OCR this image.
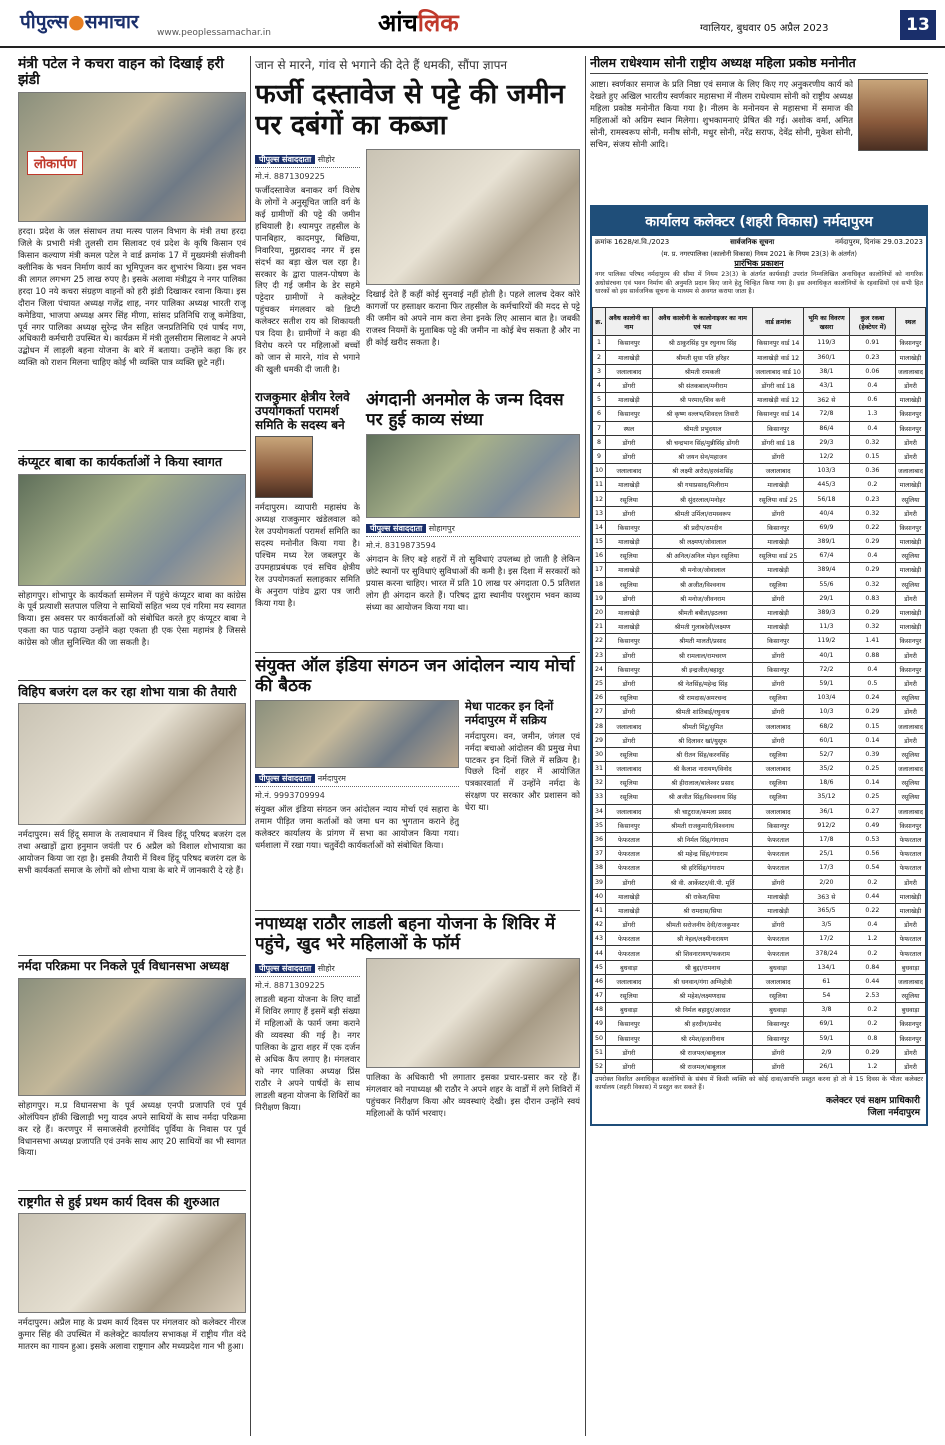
पीपुल्स●समाचार www.peoplessamachar.in	आंचलिक	ग्वालियर, बुधवार 05 अप्रैल 2023	13
मंत्री पटेल ने कचरा वाहन को दिखाई हरी झंडी
लोकार्पण
हरदा। प्रदेश के जल संसाधन तथा मत्स्य पालन विभाग के मंत्री तथा हरदा जिले के प्रभारी मंत्री तुलसी राम सिलावट एवं प्रदेश के कृषि किसान एवं किसान कल्याण मंत्री कमल पटेल ने वार्ड क्रमांक 17 में मुख्यमंत्री संजीवनी क्लीनिक के भवन निर्माण कार्य का भूमिपूजन कर शुभारंभ किया। इस भवन की लागत लगभग 25 लाख रुपए है। इसके अलावा मंत्रीद्वय ने नगर पालिका हरदा 10 नये कचरा संग्रहण वाहनों को हरी झंडी दिखाकर रवाना किया। इस दौरान जिला पंचायत अध्यक्ष गजेंद्र शाह, नगर पालिका अध्यक्ष भारती राजू कमेडिया, भाजपा अध्यक्ष अमर सिंह मीणा, सांसद प्रतिनिधि राजू कमेडिया, पूर्व नगर पालिका अध्यक्ष सुरेन्द्र जैन सहित जनप्रतिनिधि एवं पार्षद गण, अधिकारी कर्मचारी उपस्थित थे। कार्यक्रम में मंत्री तुलसीराम सिलावट ने अपने उद्बोधन में लाड़ली बहना योजना के बारे में बताया। उन्होंने कहा कि हर व्यक्ति को राशन मिलना चाहिए कोई भी व्यक्ति पात्र व्यक्ति छूटे नहीं।
कंप्यूटर बाबा का कार्यकर्ताओं ने किया स्वागत
सोहागपुर। शोभापुर के कार्यकर्ता सम्मेलन में पहुंचे कंप्यूटर बाबा का कांग्रेस के पूर्व प्रत्याशी सतपाल पलिया ने साथियों सहित भव्य एवं गरिमा मय स्वागत किया। इस अवसर पर कार्यकर्ताओं को संबोधित करते हुए कंप्यूटर बाबा ने एकता का पाठ पढ़ाया उन्होंने कहा एकता ही एक ऐसा महामंत्र है जिससे कांग्रेस को जीत सुनिश्चित की जा सकती है।
विहिप बजरंग दल कर रहा शोभा यात्रा की तैयारी
नर्मदापुरम। सर्व हिंदू समाज के तत्वावधान में विश्व हिंदू परिषद बजरंग दल तथा अखाड़ों द्वारा हनुमान जयंती पर 6 अप्रैल को विशाल शोभायात्रा का आयोजन किया जा रहा है। इसकी तैयारी में विश्व हिंदू परिषद बजरंग दल के सभी कार्यकर्ता समाज के लोगों को शोभा यात्रा के बारे में जानकारी दे रहे हैं।
नर्मदा परिक्रमा पर निकले पूर्व विधानसभा अध्यक्ष
सोहागपुर। म.प्र विधानसभा के पूर्व अध्यक्ष एनपी प्रजापति एवं पूर्व ओलंपियन हॉकी खिलाड़ी भगु यादव अपने साथियों के साथ नर्मदा परिक्रमा कर रहे हैं। करणपुर में समाजसेवी हरगोविंद पूर्विया के निवास पर पूर्व विधानसभा अध्यक्ष प्रजापति एवं उनके साथ आए 20 साथियों का भी स्वागत किया।
राष्ट्रगीत से हुई प्रथम कार्य दिवस की शुरुआत
नर्मदापुरम। अप्रैल माह के प्रथम कार्य दिवस पर मंगलवार को कलेक्टर नीरज कुमार सिंह की उपस्थित में कलेक्ट्रेट कार्यालय सभाकक्ष में राष्ट्रीय गीत वंदे मातरम का गायन हुआ। इसके अलावा राष्ट्रगान और मध्यप्रदेश गान भी हुआ।
जान से मारने, गांव से भगाने की देते हैं धमकी, सौंपा ज्ञापन
फर्जी दस्तावेज से पट्टे की जमीन पर दबंगों का कब्जा
पीपुल्स संवाददाता सीहोर
मो.नं. 8871309225
फर्जीदस्तावेज बनाकर वर्ग विशेष के लोगों ने अनुसूचित जाति वर्ग के कई ग्रामीणों की पट्टे की जमीन हथियाली है। श्यामपुर तहसील के पानबिहार, कादमपुर, बिछिया, निवारिया, मुझरावद नगर में इस संदर्भ का बड़ा खेल चल रहा है। सरकार के द्वारा पालन-पोषण के लिए दी गई जमीन के डेर सहमे पट्टेदार ग्रामीणों ने कलेक्ट्रेट पहुंचकर मंगलवार को डिप्टी कलेक्टर सतीश राय को शिकायती पत्र दिया है। ग्रामीणों ने कहा की विरोध करने पर महिलाओं बच्चों को जान से मारने, गांव से भगाने की खुली धमकी दी जाती है।
दिखाई देते हैं कहीं कोई सुनवाई नहीं होती है। पहले लालच देकर कोरे कागजों पर हस्ताक्षर कराना फिर तहसील के कर्मचारियों की मदद से पट्टे की जमीन को अपने नाम करा लेना इनके लिए आसान बात है। जबकी राजस्व नियमों के मुताबिक पट्टे की जमीन ना कोई बेच सकता है और ना ही कोई खरीद सकता है।
राजकुमार क्षेत्रीय रेलवे उपयोगकर्ता परामर्श समिति के सदस्य बने
नर्मदापुरम। व्यापारी महासंघ के अध्यक्ष राजकुमार खंडेलवाल को रेल उपयोगकर्ता परामर्श समिति का सदस्य मनोनीत किया गया है। पश्चिम मध्य रेल जबलपुर के उपमहाप्रबंधक एवं सचिव क्षेत्रीय रेल उपयोगकर्ता सलाहकार समिति के अनुराग पांडेय द्वारा पत्र जारी किया गया है।
अंगदानी अनमोल के जन्म दिवस पर हुई काव्य संध्या
पीपुल्स संवाददाता सोहागपुर
मो.नं. 8319873594
अंगदान के लिए बड़े शहरों में तो सुविधाएं उपलब्ध हो जाती है लेकिन छोटे स्थानों पर सुविधाएं सुविधाओं की कमी है। इस दिशा में सरकारों को प्रयास करना चाहिए। भारत में प्रति 10 लाख पर अंगदाता 0.5 प्रतिशत लोग ही अंगदान करते हैं। परिषद द्वारा स्थानीय परशुराम भवन काव्य संध्या का आयोजन किया गया था।
संयुक्त ऑल इंडिया संगठन जन आंदोलन न्याय मोर्चा की बैठक
पीपुल्स संवाददाता नर्मदापुरम
मो.नं. 9993709994
संयुक्त ऑल इंडिया संगठन जन आंदोलन न्याय मोर्चा एवं सहारा के तमाम पीड़ित जमा कर्ताओं को जमा धन का भुगतान कराने हेतु कलेक्टर कार्यालय के प्रांगण में सभा का आयोजन किया गया। धर्मशाला में रखा गया। चतुर्वेदी कार्यकर्ताओं को संबोधित किया।
मेधा पाटकर इन दिनों नर्मदापुरम में सक्रिय
नर्मदापुरम। वन, जमीन, जंगल एवं नर्मदा बचाओ आंदोलन की प्रमुख मेधा पाटकर इन दिनों जिले में सक्रिय है। पिछले दिनों शहर में आयोजित पत्रकारवार्ता में उन्होंने नर्मदा के संरक्षण पर सरकार और प्रशासन को घेरा था।
नपाध्यक्ष राठौर लाडली बहना योजना के शिविर में पहुंचे, खुद भरे महिलाओं के फॉर्म
पीपुल्स संवाददाता सीहोर
मो.नं. 8871309225
लाडली बहना योजना के लिए वार्डों में शिविर लगाए हैं इसमें बड़ी संख्या में महिलाओं के फार्म जमा कराने की व्यवस्था की गई है। नगर पालिका के द्वारा शहर में एक दर्जन से अधिक कैंप लगाए है। मंगलवार को नगर पालिका अध्यक्ष प्रिंस राठौर ने अपने पार्षदों के साथ लाडली बहना योजना के शिविरों का निरीक्षण किया।
पालिका के अधिकारी भी लगातार इसका प्रचार-प्रसार कर रहे हैं। मंगलवार को नपाध्यक्ष श्री राठौर ने अपने शहर के वार्डों में लगे शिविरों में पहुंचकर निरीक्षण किया और व्यवस्थाएं देखी। इस दौरान उन्होंने स्वयं महिलाओं के फॉर्म भरवाए।
नीलम राधेश्याम सोनी राष्ट्रीय अध्यक्ष महिला प्रकोष्ठ मनोनीत
आष्टा। स्वर्णकार समाज के प्रति निष्ठा एवं समाज के लिए किए गए अनुकरणीय कार्य को देखते हुए अखिल भारतीय स्वर्णकार महासभा में नीलम राधेश्याम सोनी को राष्ट्रीय अध्यक्ष महिला प्रकोष्ठ मनोनीत किया गया है। नीलम के मनोनयन से महासभा में समाज की महिलाओं को अग्रिम स्थान मिलेगा। शुभकामनाएं प्रेषित की गई। अशोक वर्मा, अमित सोनी, रामस्वरूप सोनी, मनीष सोनी, मधुर सोनी, नरेंद्र सराफ, देवेंद्र सोनी, मुकेश सोनी, सचिन, संजय सोनी आदि।
कार्यालय कलेक्टर (शहरी विकास) नर्मदापुरम
क्रमांक 1628/श.वि./2023	सार्वजनिक सूचना	नर्मदापुरम, दिनांक 29.03.2023
(म. प्र. नगरपालिका (कालोनी विकास) नियम 2021 के नियम 23(3) के अंतर्गत)
प्रारंभिक प्रकाशन
नगर पालिका परिषद नर्मदापुरम की सीमा में नियम 23(3) के अंतर्गत कार्यवाही उपरांत निम्नलिखित अनाधिकृत कालोनियों को नागरिक अधोसंरचना एवं भवन निर्माण की अनुमति प्रदान किए जाने हेतु चिन्हित किया गया है। इस अनाधिकृत कालोनियों के रहवासियों एवं सभी हित धारकों को इस सार्वजनिक सूचना के माध्यम से अवगत कराया जाता है।
क्र.	अवैध कालोनी का नाम	अवैध कालोनी के कालोनाइजर का नाम एवं पता	वार्ड क्रमांक	भूमि का विवरण खसरा	कुल रकबा (हेक्टेयर में)	स्थल
1	किसानपुर	श्री ठाकुरसिंह पुत्र रघुनाथ सिंह	किसानपुर वार्ड 14	119/3	0.91	किसानपुर
2	मालाखेड़ी	श्रीमती सुधा पति हरिहर	मालाखेड़ी वार्ड 12	360/1	0.23	मालाखेड़ी
3	जलालाबाद	श्रीमती रामकली	जलालाबाद वार्ड 10	38/1	0.06	जलालाबाद
4	डोंगरी	श्री संतकबाल/मनीराम	डोंगरी वार्ड 18	43/1	0.4	डोंगरी
5	मालाखेड़ी	श्री परमार/शिव कनी	मालाखेड़ी वार्ड 12	362 से	0.6	मालाखेड़ी
6	किसानपुर	श्री कृष्ण वल्लभ/शिवदत्त तिवारी	किसानपुर वार्ड 14	72/8	1.3	किसानपुर
7	स्थल	श्रीमती प्रभुदयाल	किसानपुर	86/4	0.4	किसानपुर
8	डोंगरी	श्री चन्द्रभान सिंह/मुन्नीसिंह डोंगरी	डोंगरी वार्ड 18	29/3	0.32	डोंगरी
9	डोंगरी	श्री जयन सेन/महाजन	डोंगरी	12/2	0.15	डोंगरी
10	जलालाबाद	श्री लक्ष्मी अरोरा/हरवंशसिंह	जलालाबाद	103/3	0.36	जलालाबाद
11	मालाखेड़ी	श्री गयाप्रसाद/मिलीराम	मालाखेड़ी	445/3	0.2	मालाखेड़ी
12	रसूलिया	श्री सुंदरलाल/मनोहर	रसूलिया वार्ड 25	56/18	0.23	रसूलिया
13	डोंगरी	श्रीमती उर्मिला/रामस्वरूप	डोंगरी	40/4	0.32	डोंगरी
14	किसानपुर	श्री प्रदीप/रामदीन	किसानपुर	69/9	0.22	किसानपुर
15	मालाखेड़ी	श्री लक्ष्मण/जोवालाल	मालाखेड़ी	389/1	0.29	मालाखेड़ी
16	रसूलिया	श्री अनिल/अनिल मोहन रसूलिया	रसूलिया वार्ड 25	67/4	0.4	रसूलिया
17	मालाखेड़ी	श्री मनोज/जोवालाल	मालाखेड़ी	389/4	0.29	मालाखेड़ी
18	रसूलिया	श्री अजीत/विश्वनाथ	रसूलिया	55/6	0.32	रसूलिया
19	डोंगरी	श्री मनोज/जीवनराम	डोंगरी	29/1	0.83	डोंगरी
20	मालाखेड़ी	श्रीमती बबीता/इठलवा	मालाखेड़ी	389/3	0.29	मालाखेड़ी
21	मालाखेड़ी	श्रीमती गुलाबदेवी/लक्ष्मण	मालाखेड़ी	11/3	0.32	मालाखेड़ी
22	किसानपुर	श्रीमती मालती/प्रसाद	किसानपुर	119/2	1.41	किसानपुर
23	डोंगरी	श्री रामलाल/रामचरण	डोंगरी	40/1	0.88	डोंगरी
24	किसानपुर	श्री इन्द्रजीत/बहादुर	किसानपुर	72/2	0.4	किसानपुर
25	डोंगरी	श्री नेतसिंह/महेन्द्र सिंह	डोंगरी	59/1	0.5	डोंगरी
26	रसूलिया	श्री रामदास/अमरचन्द	रसूलिया	103/4	0.24	रसूलिया
27	डोंगरी	श्रीमती शांतिबाई/रघुनाथ	डोंगरी	10/3	0.29	डोंगरी
28	जलालाबाद	श्रीमती मिंटू/सुमित	जलालाबाद	68/2	0.15	जलालाबाद
29	डोंगरी	श्री दिलावर खां/युसूफ	डोंगरी	60/1	0.14	डोंगरी
30	रसूलिया	श्री रीतन सिंह/करनसिंह	रसूलिया	52/7	0.39	रसूलिया
31	जलालाबाद	श्री कैलाश नारायण/विनोद	जलालाबाद	35/2	0.25	जलालाबाद
32	रसूलिया	श्री हीरालाल/बालेश्वर प्रसाद	रसूलिया	18/6	0.14	रसूलिया
33	रसूलिया	श्री अजीत सिंह/विश्वनाथ सिंह	रसूलिया	35/12	0.25	रसूलिया
34	जलालाबाद	श्री चाटुराज/कमला प्रसाद	जलालाबाद	36/1	0.27	जलालाबाद
35	किसानपुर	श्रीमती राजकुमारी/विश्वनाथ	किसानपुर	912/2	0.49	किसानपुर
36	फेफरताल	श्री निर्मल सिंह/गंगाराम	फेफरताल	17/8	0.53	फेफरताल
37	फेफरताल	श्री महेन्द्र सिंह/गंगाराम	फेफरताल	25/1	0.56	फेफरताल
38	फेफरताल	श्री हरिसिंह/गंगाराम	फेफरताल	17/3	0.54	फेफरताल
39	डोंगरी	श्री वी. आर्केस्टर/वी.पी. मूर्ति	डोंगरी	2/20	0.2	डोंगरी
40	मालाखेड़ी	श्री राकेश/सिया	मालाखेड़ी	363 से	0.44	मालाखेड़ी
41	मालाखेड़ी	श्री रामदास/सिया	मालाखेड़ी	365/5	0.22	मालाखेड़ी
42	डोंगरी	श्रीमती सरोजनीय देवी/राजकुमार	डोंगरी	3/5	0.4	डोंगरी
43	फेफरताल	श्री नेहल/लक्ष्मीनारायण	फेफरताल	17/2	1.2	फेफरताल
44	फेफरताल	श्री शिवनारायण/फकराम	फेफरताल	378/24	0.2	फेफरताल
45	बुधवाड़ा	श्री बुद्दा/रामनाथ	बुधवाड़ा	134/1	0.84	बुधवाड़ा
46	जलालाबाद	श्री धनवान/गंगा अग्निहोत्री	जलालाबाद	61	0.44	जलालाबाद
47	रसूलिया	श्री महेश/लक्ष्मणदास	रसूलिया	54	2.53	रसूलिया
48	बुधवाड़ा	श्री निर्मल बहादुर/अरदात	बुधवाड़ा	3/8	0.2	बुधवाड़ा
49	किसानपुर	श्री हरदीन/प्रमोद	किसानपुर	69/1	0.2	किसानपुर
50	किसानपुर	श्री रमेश/हजारीनाथ	किसानपुर	59/1	0.8	किसानपुर
51	डोंगरी	श्री राजपल/बाबूलाल	डोंगरी	2/9	0.29	डोंगरी
52	डोंगरी	श्री राजमल/बाबूलाल	डोंगरी	26/1	1.2	डोंगरी
उपरोक्त विवरित अनाधिकृत कालोनियों के संबंध में किसी व्यक्ति को कोई दावा/आपत्ति प्रस्तुत करना हो तो वे 15 दिवस के भीतर कलेक्टर कार्यालय (शहरी विकास) में प्रस्तुत कर सकते हैं।
कलेक्टर एवं सक्षम प्राधिकारी
जिला नर्मदापुरम
